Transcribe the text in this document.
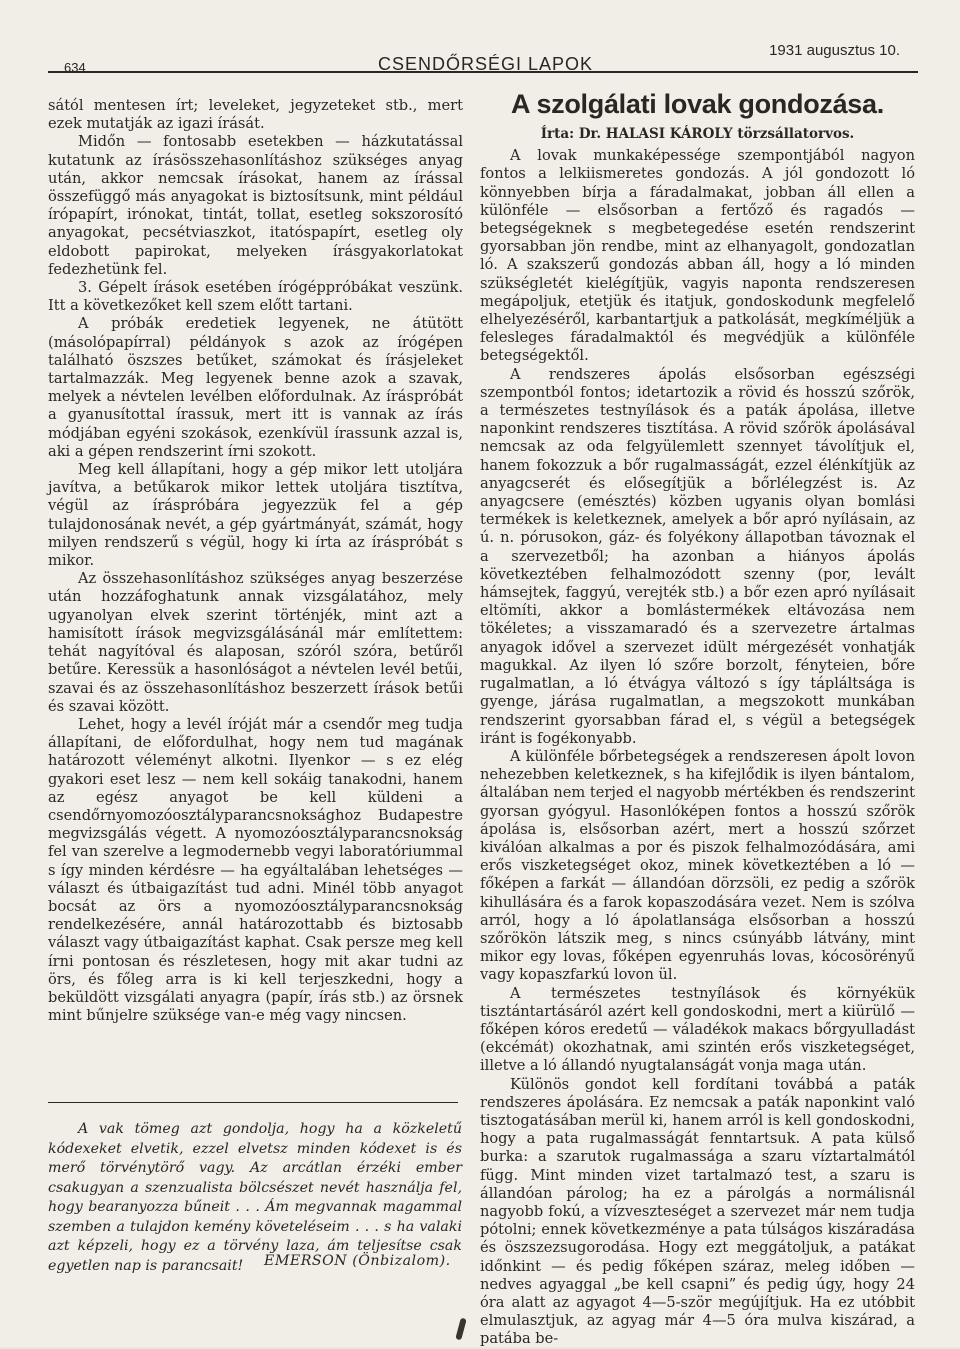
634	CSENDŐRSÉGI LAPOK
1931 augusztus 10.

sától mentesen írt; leveleket, jegyzeteket stb., mert ezek mutatják az igazi írását.

Midőn — fontosabb esetekben — házkutatással kutatunk az írásösszehasonlításhoz szükséges anyag után, akkor nemcsak írásokat, hanem az írással összefüggő más anyagokat is biztosítsunk, mint például írópapírt, irónokat, tintát, tollat, esetleg sokszorosító anyagokat, pecsétviaszkot, itatóspapírt, esetleg oly eldobott papirokat, melyeken írásgyakorlatokat fedezhetünk fel.

3. Gépelt írások esetében írógéppróbákat veszünk. Itt a következőket kell szem előtt tartani.

A próbák eredetiek legyenek, ne átütött (másolópapírral) példányok s azok az írógépen található öszszes betűket, számokat és írásjeleket tartalmazzák. Meg legyenek benne azok a szavak, melyek a névtelen levélben előfordulnak. Az íráspróbát a gyanusítottal írassuk, mert itt is vannak az írás módjában egyéni szokások, ezenkívül írassunk azzal is, aki a gépen rendszerint írni szokott.

Meg kell állapítani, hogy a gép mikor lett utoljára javítva, a betűkarok mikor lettek utoljára tisztítva, végül az íráspróbára jegyezzük fel a gép tulajdonosának nevét, a gép gyártmányát, számát, hogy milyen rendszerű s végül, hogy ki írta az íráspróbát s mikor.

Az összehasonlításhoz szükséges anyag beszerzése után hozzáfoghatunk annak vizsgálatához, mely ugyanolyan elvek szerint történjék, mint azt a hamisított írások megvizsgálásánál már említettem: tehát nagyítóval és alaposan, szóról szóra, betűről betűre. Keressük a hasonlóságot a névtelen levél betűi, szavai és az összehasonlításhoz beszerzett írások betűi és szavai között.

Lehet, hogy a levél íróját már a csendőr meg tudja állapítani, de előfordulhat, hogy nem tud magának határozott véleményt alkotni. Ilyenkor — s ez elég gyakori eset lesz — nem kell sokáig tanakodni, hanem az egész anyagot be kell küldeni a csendőrnyomozóosztályparancsnoksághoz Budapestre megvizsgálás végett. A nyomozóosztályparancsnokság fel van szerelve a legmodernebb vegyi laboratóriummal s így minden kérdésre — ha egyáltalában lehetséges — választ és útbaigazítást tud adni. Minél több anyagot bocsát az örs a nyomozóosztályparancsnokság rendelkezésére, annál határozottabb és biztosabb választ vagy útbaigazítást kaphat. Csak persze meg kell írni pontosan és részletesen, hogy mit akar tudni az örs, és főleg arra is ki kell terjeszkedni, hogy a beküldött vizsgálati anyagra (papír, írás stb.) az örsnek mint bűnjelre szüksége van-e még vagy nincsen.

A vak tömeg azt gondolja, hogy ha a közkeletű kódexeket elvetik, ezzel elvetsz minden kódexet is és merő törvénytörő vagy. Az arcátlan érzéki ember csakugyan a szenzualista bölcsészet nevét használja fel, hogy bearanyozza bűneit . . . Ám megvannak magammal szemben a tulajdon kemény követeléseim . . . s ha valaki azt képzeli, hogy ez a törvény laza, ám teljesítse csak egyetlen nap is parancsait!	EMERSON (Önbizalom).
A szolgálati lovak gondozása.
Írta: Dr. HALASI KÁROLY törzsállatorvos.

A lovak munkaképessége szempontjából nagyon fontos a lelkiismeretes gondozás. A jól gondozott ló könnyebben bírja a fáradalmakat, jobban áll ellen a különféle — elsősorban a fertőző és ragadós — betegségeknek s megbetegedése esetén rendszerint gyorsabban jön rendbe, mint az elhanyagolt, gondozatlan ló. A szakszerű gondozás abban áll, hogy a ló minden szükségletét kielégítjük, vagyis naponta rendszeresen megápoljuk, etetjük és itatjuk, gondoskodunk megfelelő elhelyezéséről, karbantartjuk a patkolását, megkíméljük a felesleges fáradalmaktól és megvédjük a különféle betegségektől.

A rendszeres ápolás elsősorban egészségi szempontból fontos; idetartozik a rövid és hosszú szőrök, a természetes testnyílások és a paták ápolása, illetve naponkint rendszeres tisztítása. A rövid szőrök ápolásával nemcsak az oda felgyülemlett szennyet távolítjuk el, hanem fokozzuk a bőr rugalmasságát, ezzel élénkítjük az anyagcserét és elősegítjük a bőrlélegzést is. Az anyagcsere (emésztés) közben ugyanis olyan bomlási termékek is keletkeznek, amelyek a bőr apró nyílásain, az ú. n. pórusokon, gáz- és folyékony állapotban távoznak el a szervezetből; ha azonban a hiányos ápolás következtében felhalmozódott szenny (por, levált hámsejtek, faggyú, verejték stb.) a bőr ezen apró nyílásait eltömíti, akkor a bomlástermékek eltávozása nem tökéletes; a visszamaradó és a szervezetre ártalmas anyagok idővel a szervezet idült mérgezését vonhatják magukkal. Az ilyen ló szőre borzolt, fényteien, bőre rugalmatlan, a ló étvágya változó s így tápláltsága is gyenge, járása rugalmatlan, a megszokott munkában rendszerint gyorsabban fárad el, s végül a betegségek iránt is fogékonyabb.

A különféle bőrbetegségek a rendszeresen ápolt lovon nehezebben keletkeznek, s ha kifejlődik is ilyen bántalom, általában nem terjed el nagyobb mértékben és rendszerint gyorsan gyógyul. Hasonlóképen fontos a hosszú szőrök ápolása is, elsősorban azért, mert a hosszú szőrzet kiválóan alkalmas a por és piszok felhalmozódására, ami erős viszketegséget okoz, minek következtében a ló — főképen a farkát — állandóan dörzsöli, ez pedig a szőrök kihullására és a farok kopaszodására vezet. Nem is szólva arról, hogy a ló ápolatlansága elsősorban a hosszú szőrökön látszik meg, s nincs csúnyább látvány, mint mikor egy lovas, főképen egyenruhás lovas, kócosörényű vagy kopaszfarkú lovon ül.

A természetes testnyílások és környékük tisztántartásáról azért kell gondoskodni, mert a kiürülő — főképen kóros eredetű — váladékok makacs bőrgyulladást (ekcémát) okozhatnak, ami szintén erős viszketegséget, illetve a ló állandó nyugtalanságát vonja maga után.

Különös gondot kell fordítani továbbá a paták rendszeres ápolására. Ez nemcsak a paták naponkint való tisztogatásában merül ki, hanem arról is kell gondoskodni, hogy a pata rugalmasságát fenntartsuk. A pata külső burka: a szarutok rugalmassága a szaru víztartalmától függ. Mint minden vizet tartalmazó test, a szaru is állandóan párolog; ha ez a párolgás a normálisnál nagyobb fokú, a vízveszteséget a szervezet már nem tudja pótolni; ennek következménye a pata túlságos kiszáradása és öszszezsugorodása. Hogy ezt meggátoljuk, a patákat időnkint — és pedig főképen száraz, meleg időben — nedves agyaggal „be kell csapni” és pedig úgy, hogy 24 óra alatt az agyagot 4—5-ször megújítjuk. Ha ez utóbbit elmulasztjuk, az agyag már 4—5 óra mulva kiszárad, a patába be-
